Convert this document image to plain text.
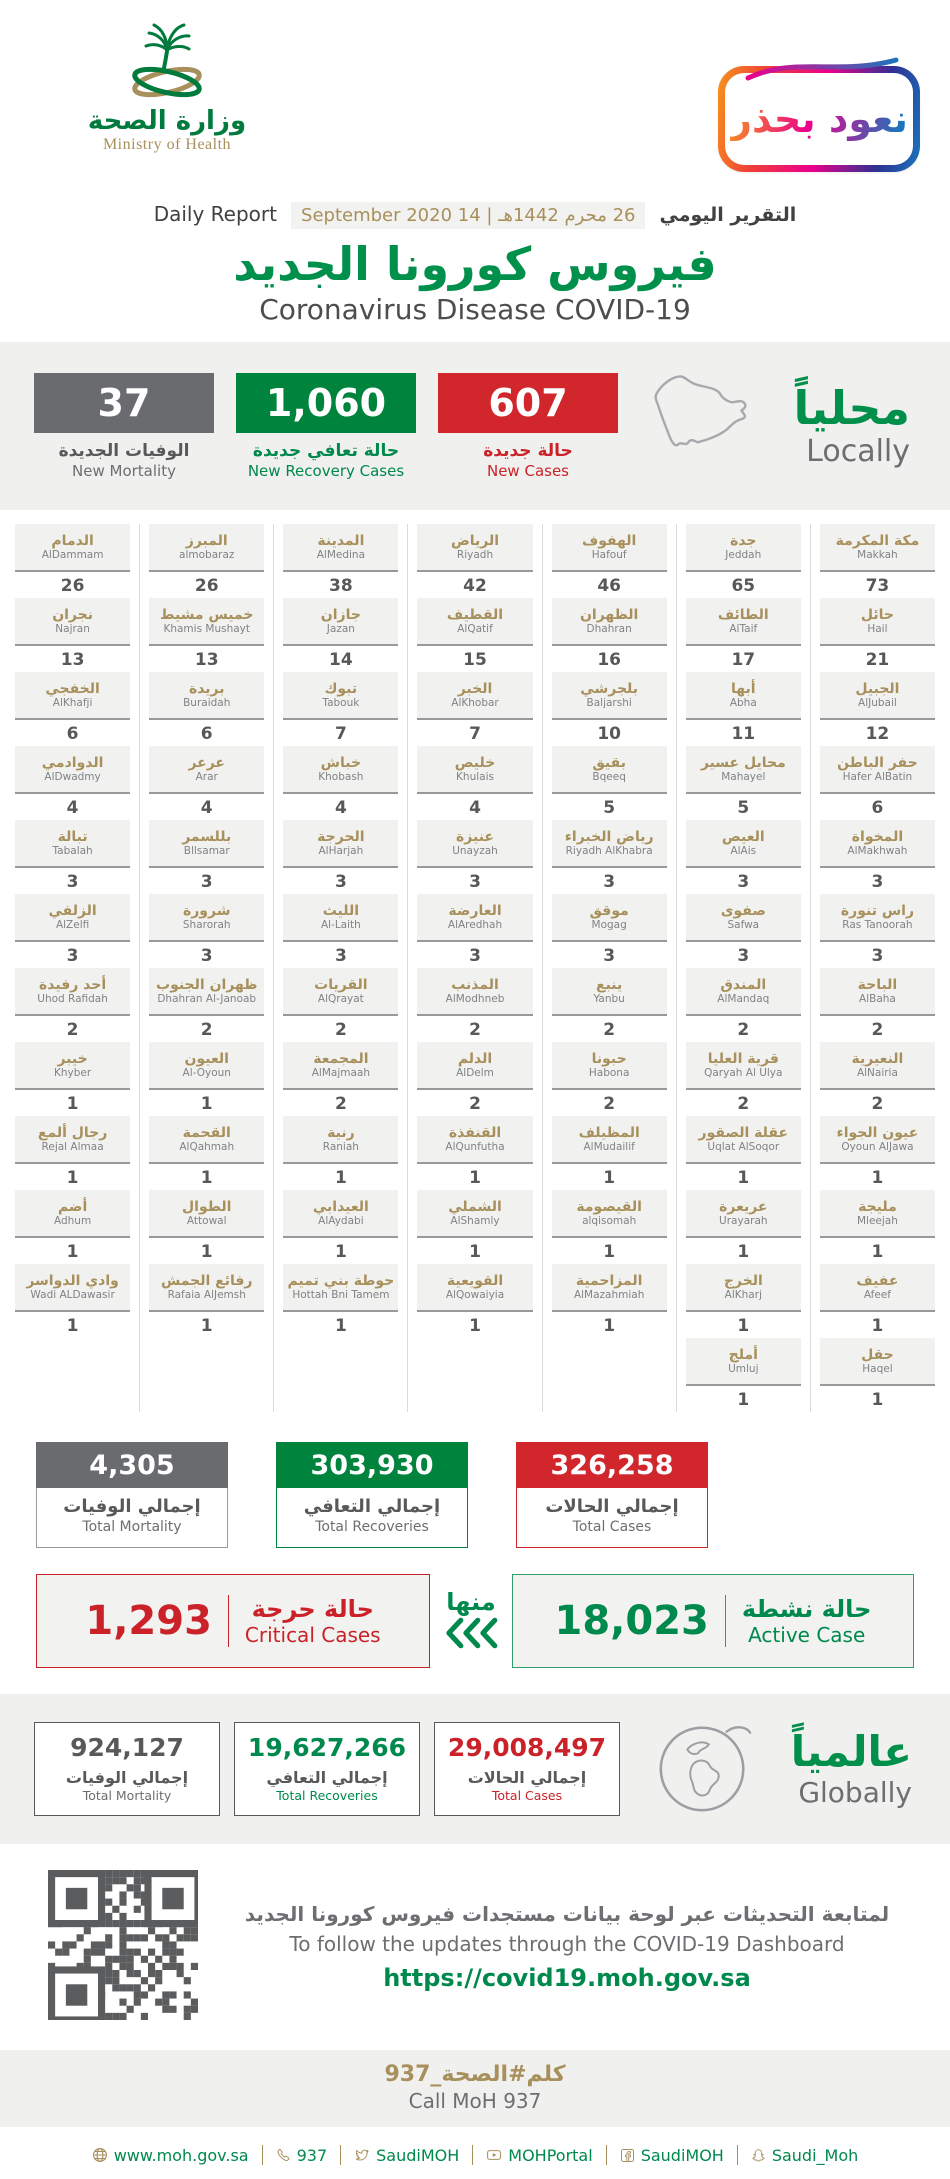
وزارة الصحة
Ministry of Health
نعود بحذر
التقرير اليومي 26 محرم 1442هـ | 14 September 2020 Daily Report
فيروس كورونا الجديد
Coronavirus Disease COVID-19
37
الوفيات الجديدة
New Mortality
1,060
حالة تعافي جديدة
New Recovery Cases
607
حالة جديدة
New Cases
محلياً
Locally
مكة المكرمة
Makkah
73
حائل
Hail
21
الجبيل
AlJubail
12
حفر الباطن
Hafer AlBatin
6
المخواة
AlMakhwah
3
راس تنورة
Ras Tanoorah
3
الباحة
AlBaha
2
النعيرية
AlNairia
2
عيون الجواء
Oyoun AlJawa
1
مليجة
Mleejah
1
عفيف
Afeef
1
حقل
Haqel
1
جدة
Jeddah
65
الطائف
AlTaif
17
أبها
Abha
11
محايل عسير
Mahayel
5
العيص
AlAis
3
صفوى
Safwa
3
المندق
AlMandaq
2
قرية العليا
Qaryah Al Ulya
2
عقلة الصقور
Uqlat AlSoqor
1
عريعرة
Urayarah
1
الخرج
AlKharj
1
أملج
Umluj
1
الهفوف
Hafouf
46
الظهران
Dhahran
16
بلجرشي
Baljarshi
10
بقيق
Bqeeq
5
رياض الخبراء
Riyadh AlKhabra
3
موقق
Mogag
3
ينبع
Yanbu
2
حبونا
Habona
2
المظيلف
AlMudailif
1
القيصومة
alqisomah
1
المزاحمية
AlMazahmiah
1
الرياض
Riyadh
42
القطيف
AlQatif
15
الخبر
AlKhobar
7
خليص
Khulais
4
عنيزة
Unayzah
3
العارضة
AlAredhah
3
المذنب
AlModhneb
2
الدلم
AlDelm
2
القنفذة
AlQunfutha
1
الشملي
AlShamly
1
القويعية
AlQowaiyia
1
المدينة
AlMedina
38
جازان
Jazan
14
تبوك
Tabouk
7
خباش
Khobash
4
الحرجة
AlHarjah
3
الليث
Al-Laith
3
القريات
AlQrayat
2
المجمعة
AlMajmaah
2
رنية
Raniah
1
العيدابي
AlAydabi
1
حوطة بني تميم
Hottah Bni Tamem
1
المبرز
almobaraz
26
خميس مشيط
Khamis Mushayt
13
بريدة
Buraidah
6
عرعر
Arar
4
بللسمر
Bllsamar
3
شرورة
Sharorah
3
ظهران الجنوب
Dhahran Al-Janoab
2
العيون
Al-Oyoun
1
القحمة
AlQahmah
1
الطوال
Attowal
1
رفائع الجمش
Rafaia AlJemsh
1
الدمام
AlDammam
26
نجران
Najran
13
الخفجي
AlKhafji
6
الدوادمي
AlDwadmy
4
تبالة
Tabalah
3
الزلفي
AlZelfi
3
أحد رفيدة
Uhod Rafidah
2
خيبر
Khyber
1
رجال ألمع
Rejal Almaa
1
أضم
Adhum
1
وادي الدواسر
Wadi ALDawasir
1
4,305
إجمالي الوفيات
Total Mortality
303,930
إجمالي التعافي
Total Recoveries
326,258
إجمالي الحالات
Total Cases
حالة حرجة
Critical Cases
1,293	منها	حالة نشطة
Active Case
18,023
924,127
إجمالي الوفيات
Total Mortality
19,627,266
إجمالي التعافي
Total Recoveries
29,008,497
إجمالي الحالات
Total Cases
عالمياً
Globally
لمتابعة التحديثات عبر لوحة بيانات مستجدات فيروس كورونا الجديد
To follow the updates through the COVID-19 Dashboard
https://covid19.moh.gov.sa
كلم#الصحة_937
Call MoH 937
www.moh.gov.sa	937	SaudiMOH	MOHPortal	SaudiMOH	Saudi_Moh
